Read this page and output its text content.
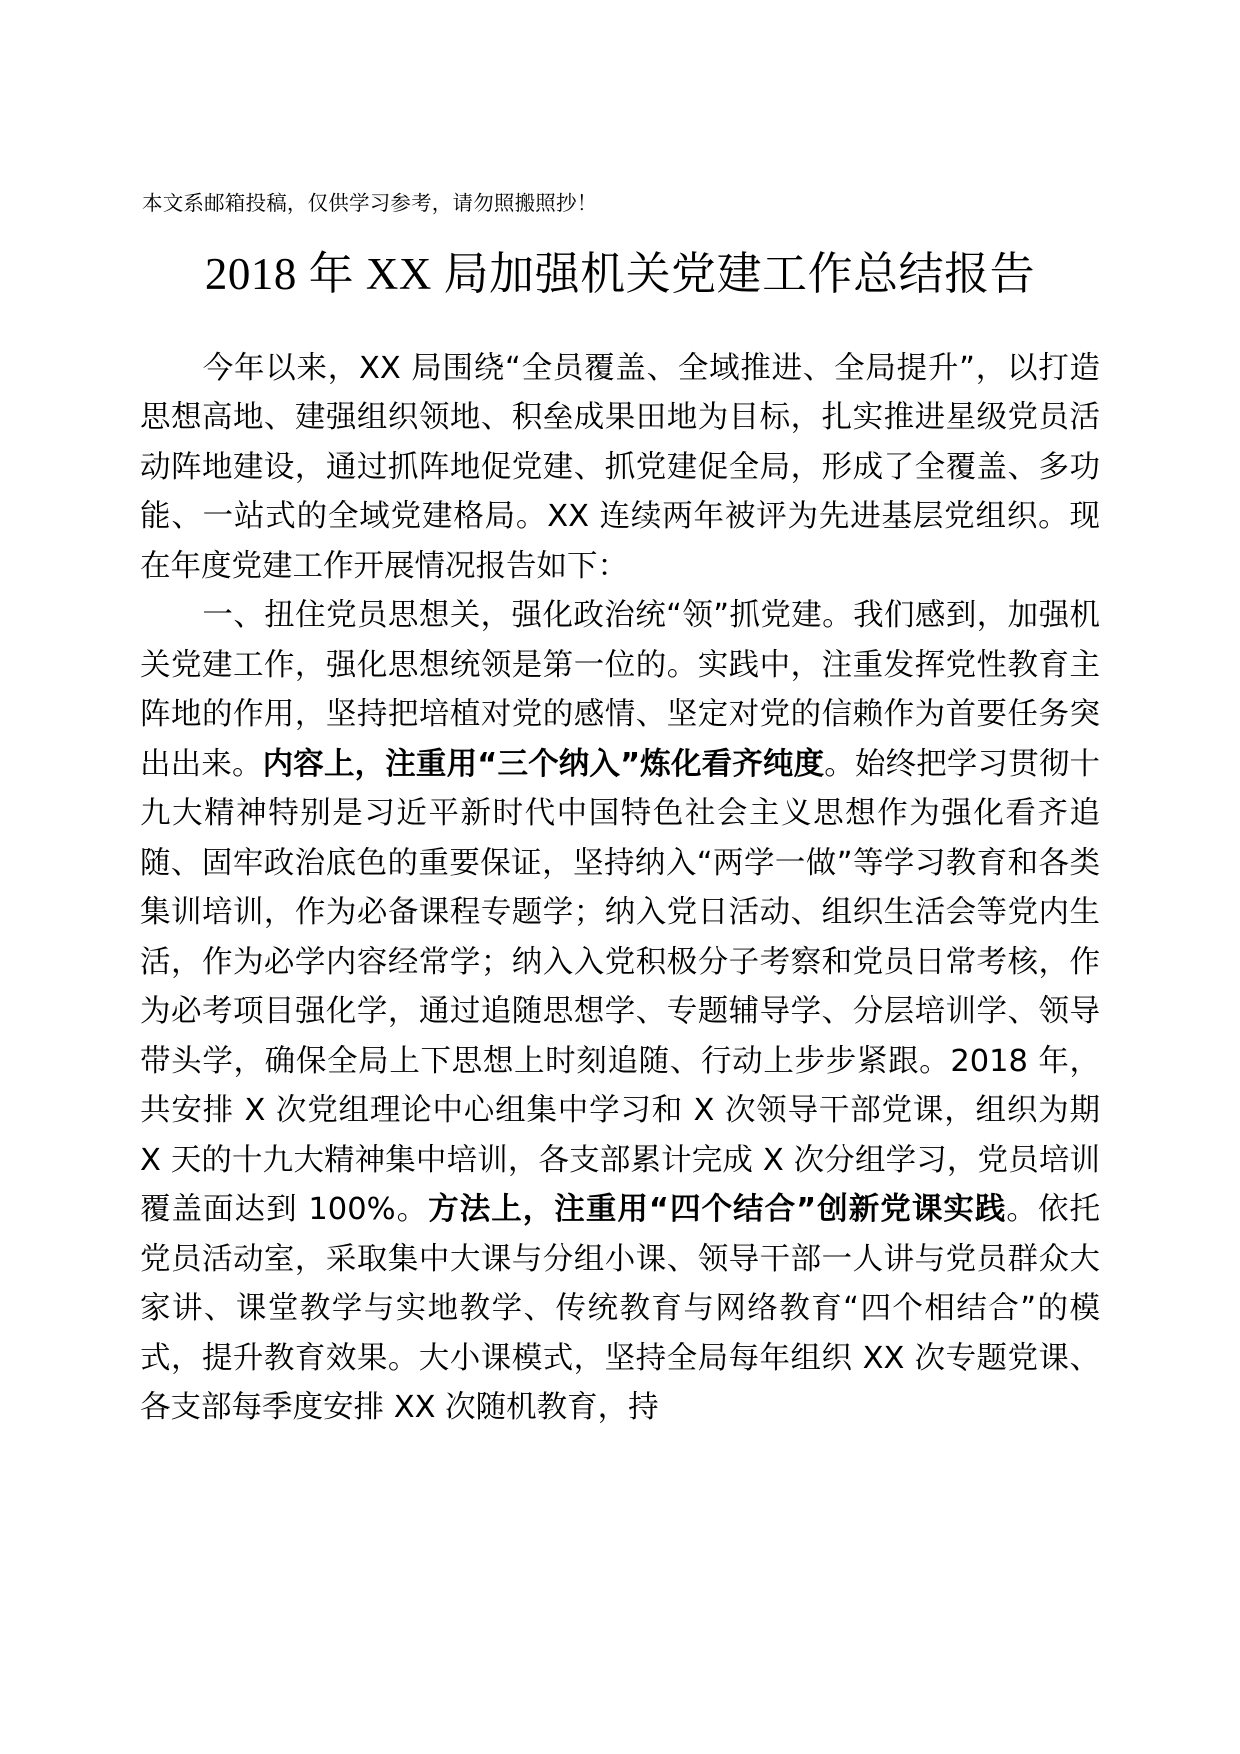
本文系邮箱投稿，仅供学习参考，请勿照搬照抄！
2018 年 XX 局加强机关党建工作总结报告

今年以来，XX 局围绕“全员覆盖、全域推进、全局提升”，以打造思想高地、建强组织领地、积垒成果田地为目标，扎实推进星级党员活动阵地建设，通过抓阵地促党建、抓党建促全局，形成了全覆盖、多功能、一站式的全域党建格局。XX 连续两年被评为先进基层党组织。现在年度党建工作开展情况报告如下：

一、扭住党员思想关，强化政治统“领”抓党建。我们感到，加强机关党建工作，强化思想统领是第一位的。实践中，注重发挥党性教育主阵地的作用，坚持把培植对党的感情、坚定对党的信赖作为首要任务突出出来。内容上，注重用“三个纳入”炼化看齐纯度。始终把学习贯彻十九大精神特别是习近平新时代中国特色社会主义思想作为强化看齐追随、固牢政治底色的重要保证，坚持纳入“两学一做”等学习教育和各类集训培训，作为必备课程专题学；纳入党日活动、组织生活会等党内生活，作为必学内容经常学；纳入入党积极分子考察和党员日常考核，作为必考项目强化学，通过追随思想学、专题辅导学、分层培训学、领导带头学，确保全局上下思想上时刻追随、行动上步步紧跟。2018 年，共安排 X 次党组理论中心组集中学习和 X 次领导干部党课，组织为期 X 天的十九大精神集中培训，各支部累计完成 X 次分组学习，党员培训覆盖面达到 100%。方法上，注重用“四个结合”创新党课实践。依托党员活动室，采取集中大课与分组小课、领导干部一人讲与党员群众大家讲、课堂教学与实地教学、传统教育与网络教育“四个相结合”的模式，提升教育效果。大小课模式，坚持全局每年组织 XX 次专题党课、各支部每季度安排 XX 次随机教育，持
